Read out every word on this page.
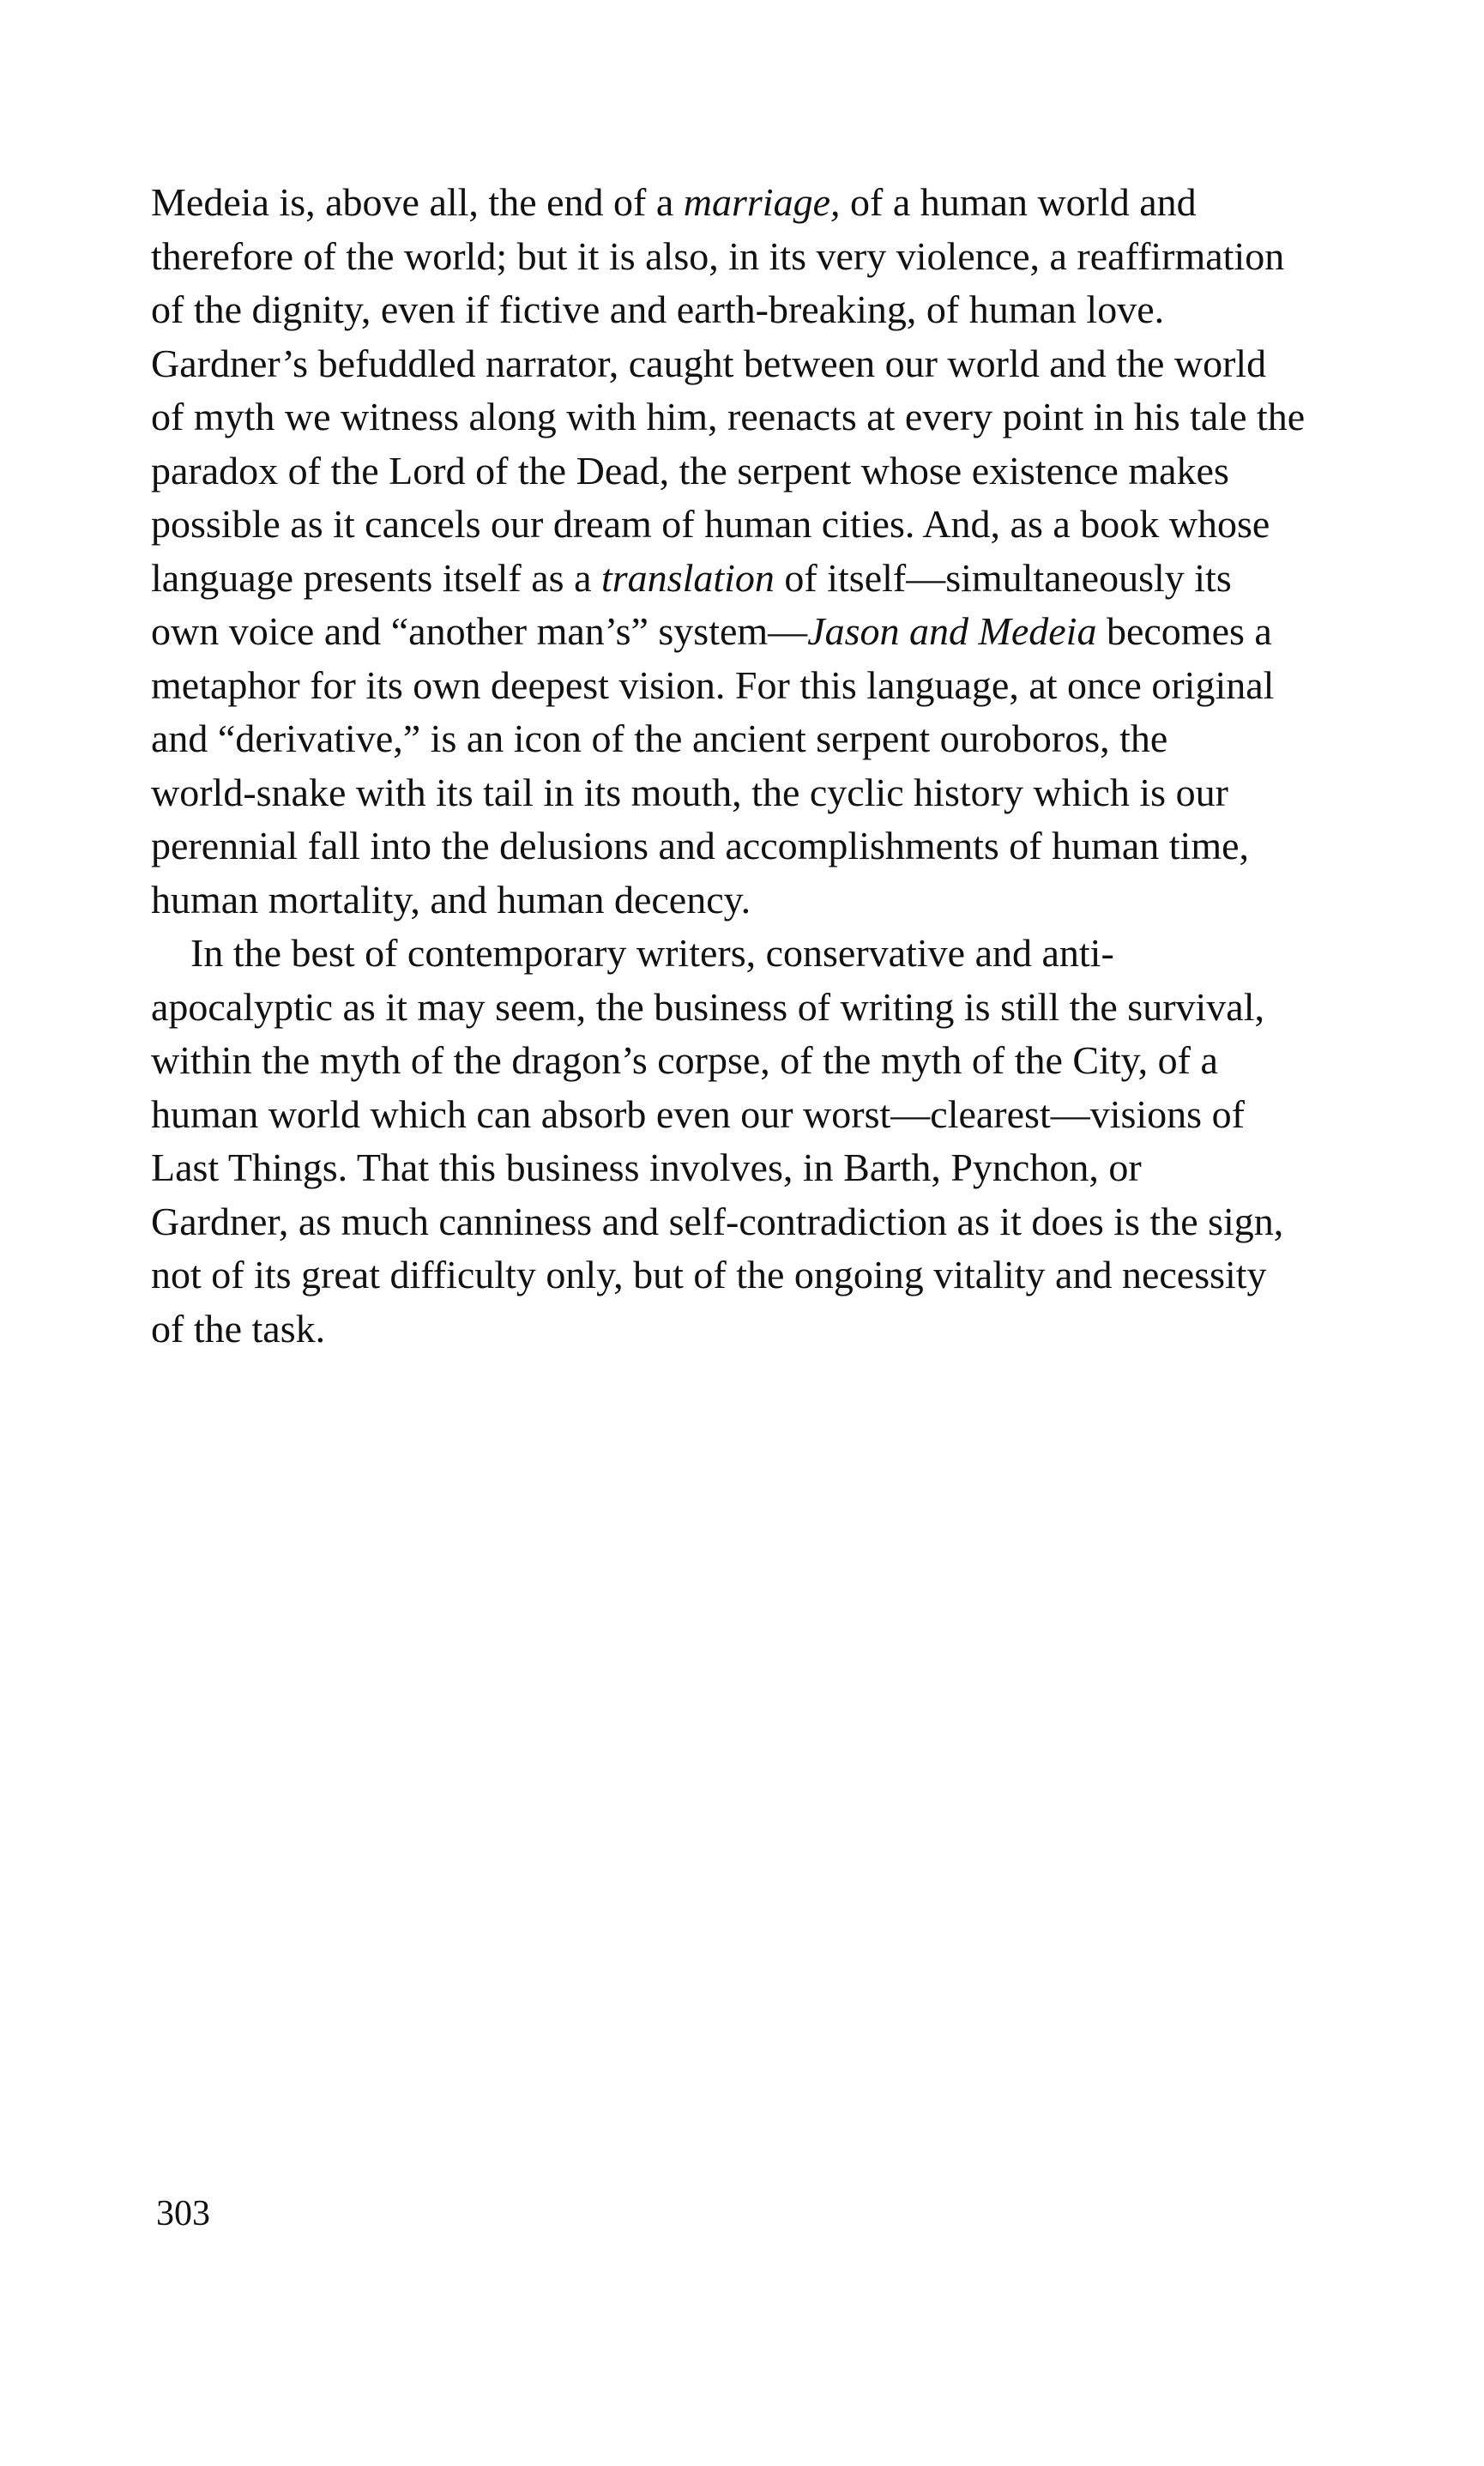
Medeia is, above all, the end of a marriage, of a human world and
therefore of the world; but it is also, in its very violence, a reaffirmation
of the dignity, even if fictive and earth-breaking, of human love.
Gardner’s befuddled narrator, caught between our world and the world
of myth we witness along with him, reenacts at every point in his tale the
paradox of the Lord of the Dead, the serpent whose existence makes
possible as it cancels our dream of human cities. And, as a book whose
language presents itself as a translation of itself—simultaneously its
own voice and “another man’s” system—Jason and Medeia becomes a
metaphor for its own deepest vision. For this language, at once original
and “derivative,” is an icon of the ancient serpent ouroboros, the
world-snake with its tail in its mouth, the cyclic history which is our
perennial fall into the delusions and accomplishments of human time,
human mortality, and human decency.
In the best of contemporary writers, conservative and anti-
apocalyptic as it may seem, the business of writing is still the survival,
within the myth of the dragon’s corpse, of the myth of the City, of a
human world which can absorb even our worst—clearest—visions of
Last Things. That this business involves, in Barth, Pynchon, or
Gardner, as much canniness and self-contradiction as it does is the sign,
not of its great difficulty only, but of the ongoing vitality and necessity
of the task.
303
